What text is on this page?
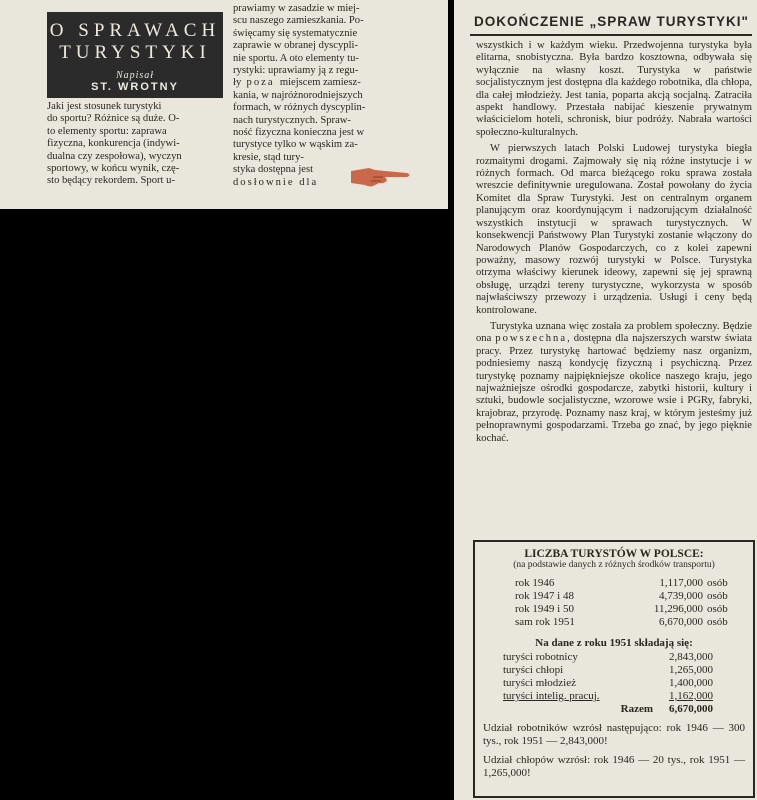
O SPRAWACH
TURYSTYKI
Napisał
ST. WROTNY
Jaki jest stosunek turystyki
do sportu? Różnice są duże. O-
to elementy sportu: zaprawa
fizyczna, konkurencja (indywi-
dualna czy zespołowa), wyczyn
sportowy, w końcu wynik, czę-
sto będący rekordem. Sport u-
prawiamy w zasadzie w miej-
scu naszego zamieszkania. Po-
święcamy się systematycznie
zaprawie w obranej dyscypli-
nie sportu. A oto elementy tu-
rystyki: uprawiamy ją z regu-
ły poza miejscem zamiesz-
kania, w najróżnorodniejszych
formach, w różnych dyscyplin-
nach turystycznych. Spraw-
ność fizyczna konieczna jest w
turystyce tylko w wąskim za-
kresie, stąd tury-
styka dostępna jest
dosłownie dla
DOKOŃCZENIE „SPRAW TURYSTYKI"

wszystkich i w każdym wieku. Przedwojenna turystyka była elitarna, snobistyczna. Była bardzo kosztowna, odbywała się wyłącznie na własny koszt. Turystyka w państwie socjalistycznym jest dostępna dla każdego robotnika, dla chłopa, dla całej młodzieży. Jest tania, poparta akcją socjalną. Zatraciła aspekt handlowy. Przestała nabijać kieszenie prywatnym właścicielom hoteli, schronisk, biur podróży. Nabrała wartości społeczno-kulturalnych.

W pierwszych latach Polski Ludowej turystyka biegła rozmaitymi drogami. Zajmowały się nią różne instytucje i w różnych formach. Od marca bieżącego roku sprawa została wreszcie definitywnie uregulowana. Został powołany do życia Komitet dla Spraw Turystyki. Jest on centralnym organem planującym oraz koordynującym i nadzorującym działalność wszystkich instytucji w sprawach turystycznych. W konsekwencji Państwowy Plan Turystyki zostanie włączony do Narodowych Planów Gospodarczych, co z kolei zapewni poważny, masowy rozwój turystyki w Polsce. Turystyka otrzyma właściwy kierunek ideowy, zapewni się jej sprawną obsługę, urządzi tereny turystyczne, wykorzysta w sposób najwłaściwszy przewozy i urządzenia. Usługi i ceny będą kontrolowane.

Turystyka uznana więc została za problem społeczny. Będzie ona powszechna, dostępna dla najszerszych warstw świata pracy. Przez turystykę hartować będziemy nasz organizm, podniesiemy naszą kondycję fizyczną i psychiczną. Przez turystykę poznamy najpiękniejsze okolice naszego kraju, jego najważniejsze ośrodki gospodarcze, zabytki historii, kultury i sztuki, budowle socjalistyczne, wzorowe wsie i PGRy, fabryki, krajobraz, przyrodę. Poznamy nasz kraj, w którym jesteśmy już pełnoprawnymi gospodarzami. Trzeba go znać, by jego pięknie kochać.

LICZBA TURYSTÓW W POLSCE:
(na podstawie danych z różnych środków transportu)
rok 1946	1,117,000 osób
rok 1947 i 48	4,739,000 osób
rok 1949 i 50	11,296,000 osób
sam rok 1951	6,670,000 osób
Na dane z roku 1951 składają się:
turyści robotnicy	2,843,000
turyści chłopi	1,265,000
turyści młodzież	1,400,000
turyści intelig. pracuj.	1,162,000
Razem	6,670,000
Udział robotników wzrósł następująco: rok 1946 — 300 tys., rok 1951 — 2,843,000!
Udział chłopów wzrósł: rok 1946 — 20 tys., rok 1951 — 1,265,000!
